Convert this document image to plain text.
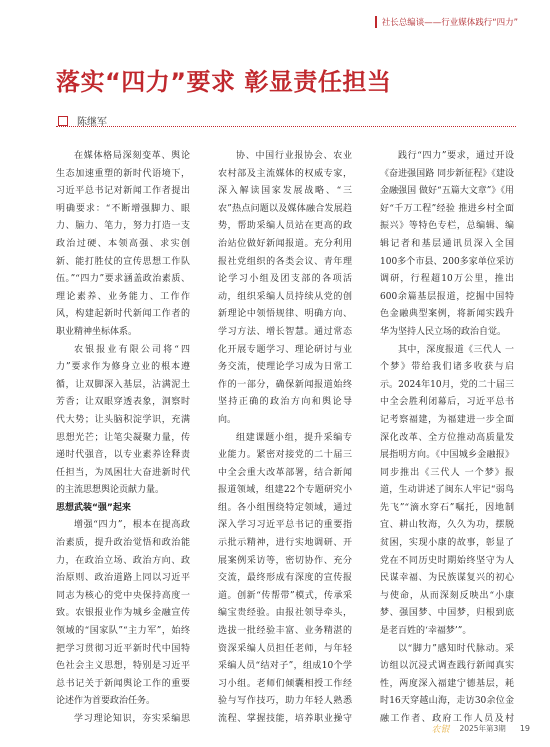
社长总编谈——行业媒体践行“四力”
落实“四力”要求 彰显责任担当
陈继军

在媒体格局深刻变革、舆论生态加速重塑的新时代语境下，习近平总书记对新闻工作者提出明确要求：“不断增强脚力、眼力、脑力、笔力，努力打造一支政治过硬、本领高强、求实创新、能打胜仗的宣传思想工作队伍。”“四力”要求涵盖政治素质、理论素养、业务能力、工作作风，构建起新时代新闻工作者的职业精神坐标体系。

农银报业有限公司将“四力”要求作为修身立业的根本遵循，让双脚深入基层，沾满泥土芳香；让双眼穿透表象，洞察时代大势；让头脑积淀学识，充满思想光芒；让笔尖凝聚力量，传递时代强音，以专业素养诠释责任担当，为凤困壮大奋进新时代的主流思想舆论贡献力量。

思想武装“强”起来

增强“四力”，根本在提高政治素质，提升政治觉悟和政治能力，在政治立场、政治方向、政治原则、政治道路上同以习近平同志为核心的党中央保持高度一致。农银报业作为城乡金融宣传领域的“国家队”“主力军”，始终把学习贯彻习近平新时代中国特色社会主义思想，特别是习近平总书记关于新闻舆论工作的重要论述作为首要政治任务。

学习理论知识，夯实采编思

协、中国行业报协会、农业农村部及主流媒体的权威专家，深入解读国家发展战略、“三农”热点问题以及媒体融合发展趋势，帮助采编人员站在更高的政治站位做好新闻报道。充分利用报社党组织的各类会议、青年理论学习小组及团支部的各项活动，组织采编人员持续从党的创新理论中领悟规律、明确方向、学习方法、增长智慧。通过常态化开展专题学习、理论研讨与业务交流，使理论学习成为日常工作的一部分，确保新闻报道始终坚持正确的政治方向和舆论导向。

组建课题小组，提升采编专业能力。紧密对接党的二十届三中全会重大改革部署，结合新闻报道领域，组建22个专题研究小组。各小组围绕特定领域，通过深入学习习近平总书记的重要指示批示精神，进行实地调研、开展案例采访等，密切协作、充分交流，最终形成有深度的宣传报道。创新“传帮带”模式，传承采编宝贵经验。由报社领导牵头，选拔一批经验丰富、业务精湛的资深采编人员担任老师，与年轻采编人员“结对子”，组成10个学习小组。老师们倾囊相授工作经验与写作技巧，助力年轻人熟悉流程、掌握技能，培养职业操守

践行“四力”要求，通过开设《奋进强国路 同步新征程》《建设金融强国 做好“五篇大文章”》《用好“千万工程”经验 推进乡村全面振兴》等特色专栏，总编辑、编辑记者和基层通讯员深入全国100多个市县、200多家单位采访调研，行程超10万公里，推出600余篇基层报道，挖掘中国特色金融典型案例，将新闻实践升华为坚持人民立场的政治自觉。

其中，深度报道《三代人 一个梦》带给我们诸多收获与启示。2024年10月，党的二十届三中全会胜利闭幕后，习近平总书记考察福建，为福建进一步全面深化改革、全方位推动高质量发展指明方向。《中国城乡金融报》同步推出《三代人 一个梦》报道，生动讲述了闽东人牢记“弱鸟先飞”“滴水穿石”嘱托，因地制宜、耕山牧海，久久为功，摆脱贫困，实现小康的故事，彰显了党在不同历史时期始终坚守为人民谋幸福、为民族谋复兴的初心与使命，从而深刻反映出“小康梦、强国梦、中国梦，归根到底是老百姓的‘幸福梦’”。

以“脚力”感知时代脉动。采访组以沉浸式调查践行新闻真实性，两度深入福建宁德基层，耗时16天穿越山海，走访30余位金融工作者、政府工作人员及村

农银 2025年第3期 19
